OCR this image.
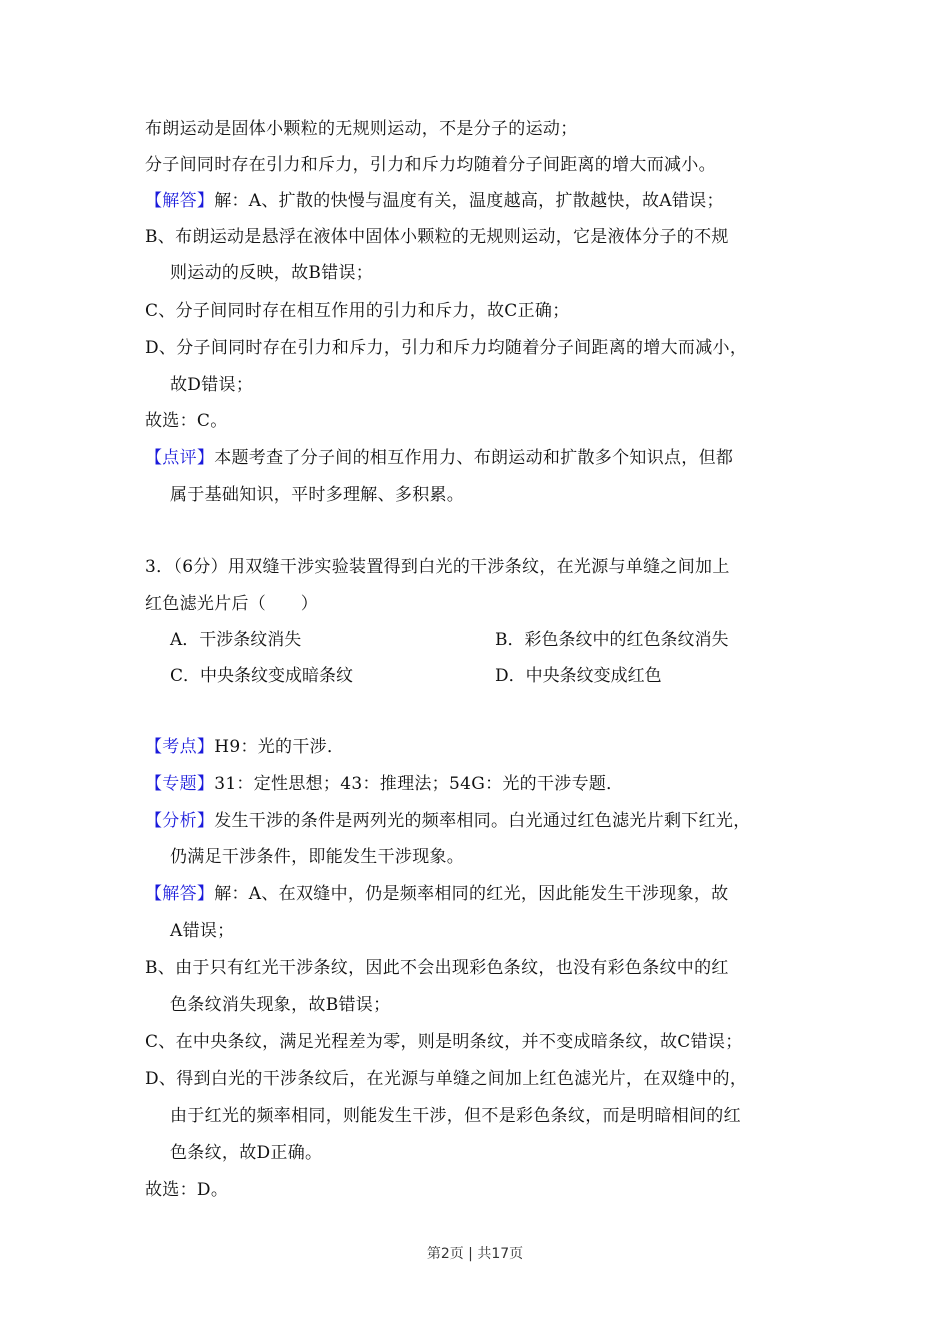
布朗运动是固体小颗粒的无规则运动，不是分子的运动；
分子间同时存在引力和斥力，引力和斥力均随着分子间距离的增大而减小。
【解答】解：A、扩散的快慢与温度有关，温度越高，扩散越快，故A错误；
B、布朗运动是悬浮在液体中固体小颗粒的无规则运动，它是液体分子的不规
则运动的反映，故B错误；
C、分子间同时存在相互作用的引力和斥力，故C正确；
D、分子间同时存在引力和斥力，引力和斥力均随着分子间距离的增大而减小，
故D错误；
故选：C。
【点评】本题考查了分子间的相互作用力、布朗运动和扩散多个知识点，但都
属于基础知识，平时多理解、多积累。
3．（6分）用双缝干涉实验装置得到白光的干涉条纹，在光源与单缝之间加上
红色滤光片后（　　）
A．干涉条纹消失	B．彩色条纹中的红色条纹消失
C．中央条纹变成暗条纹	D．中央条纹变成红色
【考点】H9：光的干涉．
【专题】31：定性思想；43：推理法；54G：光的干涉专题．
【分析】发生干涉的条件是两列光的频率相同。白光通过红色滤光片剩下红光，
仍满足干涉条件，即能发生干涉现象。
【解答】解：A、在双缝中，仍是频率相同的红光，因此能发生干涉现象，故
A错误；
B、由于只有红光干涉条纹，因此不会出现彩色条纹，也没有彩色条纹中的红
色条纹消失现象，故B错误；
C、在中央条纹，满足光程差为零，则是明条纹，并不变成暗条纹，故C错误；
D、得到白光的干涉条纹后，在光源与单缝之间加上红色滤光片，在双缝中的，
由于红光的频率相同，则能发生干涉，但不是彩色条纹，而是明暗相间的红
色条纹，故D正确。
故选：D。
第2页 | 共17页
